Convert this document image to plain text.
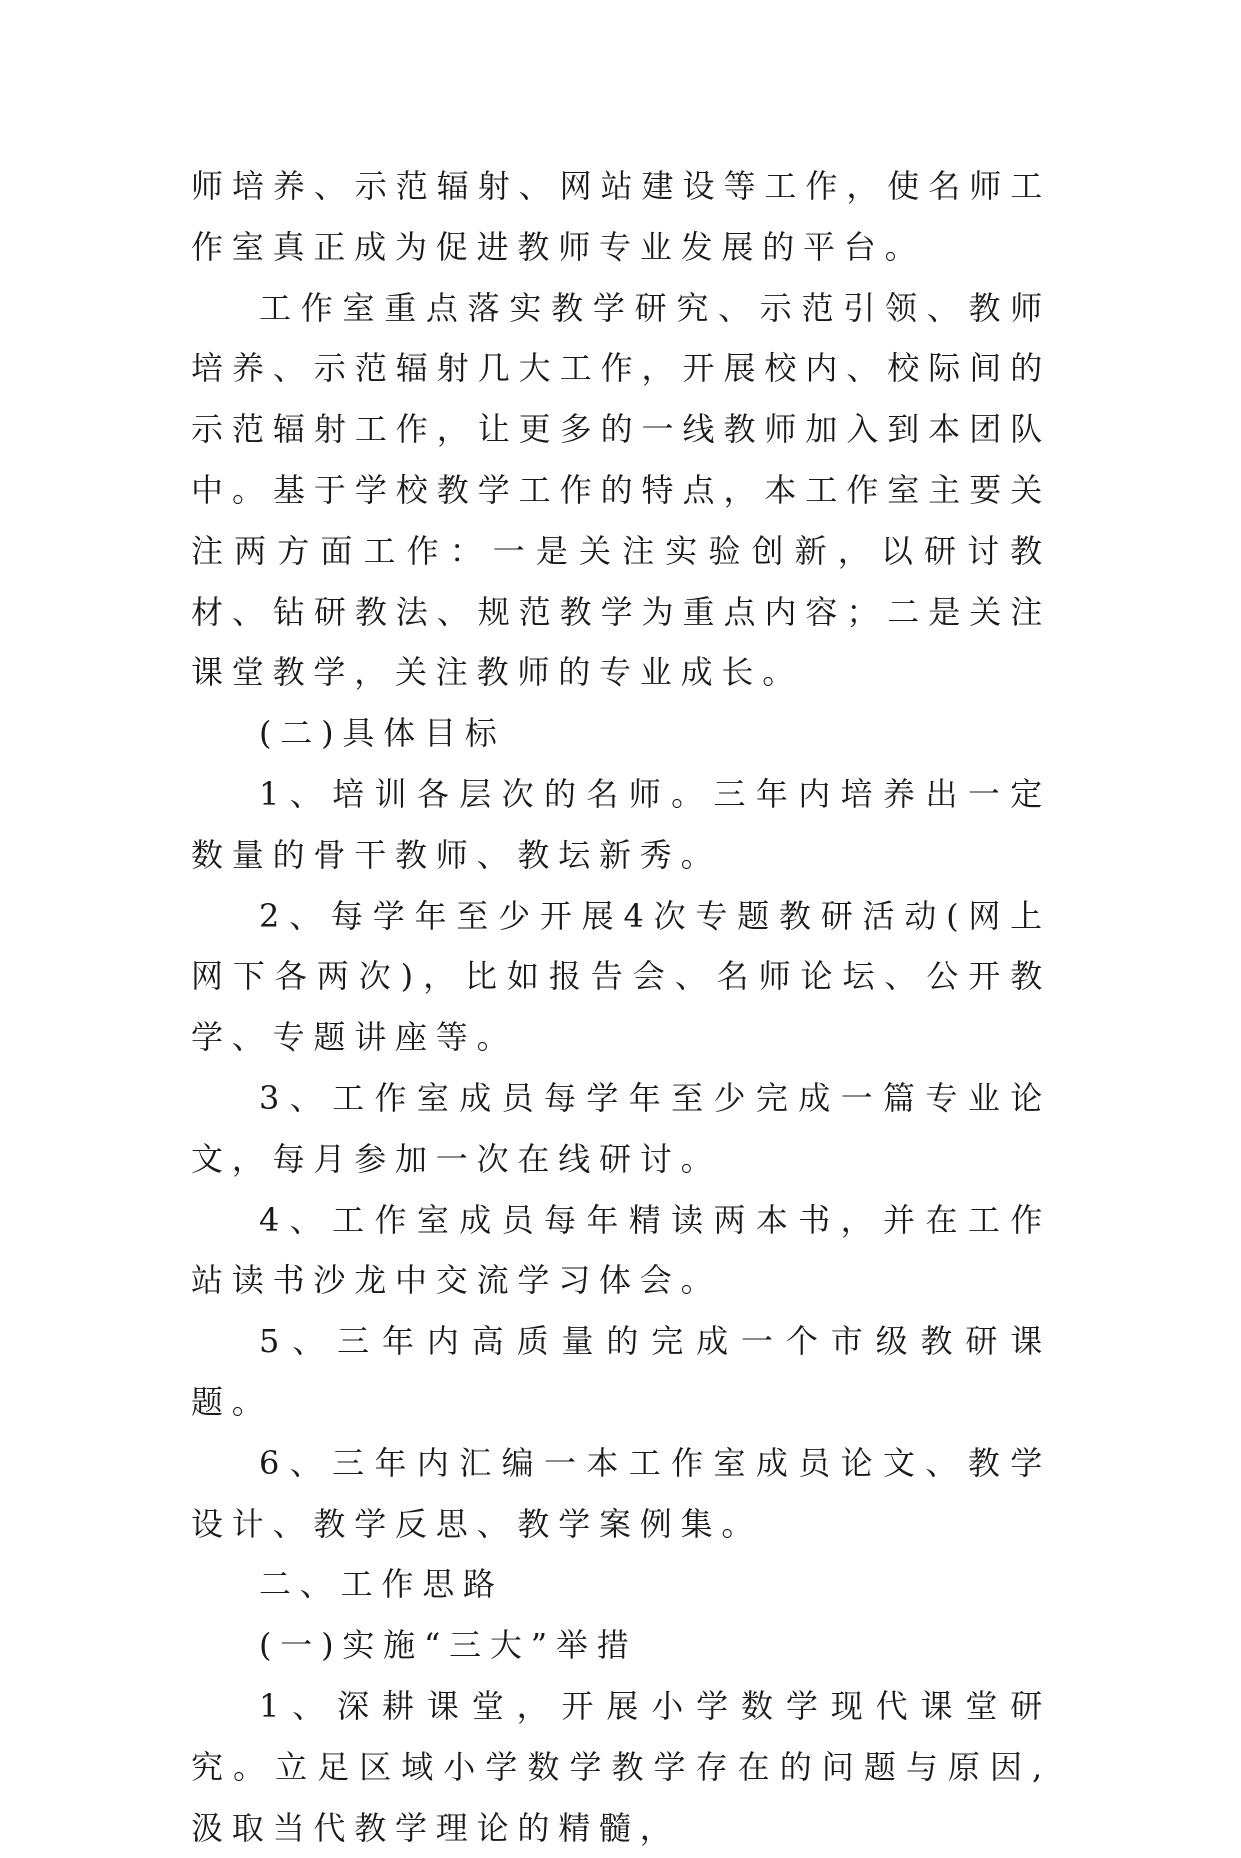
师培养、示范辐射、网站建设等工作，使名师工作室真正成为促进教师专业发展的平台。

工作室重点落实教学研究、示范引领、教师培养、示范辐射几大工作，开展校内、校际间的示范辐射工作，让更多的一线教师加入到本团队中。基于学校教学工作的特点，本工作室主要关注两方面工作：一是关注实验创新，以研讨教材、钻研教法、规范教学为重点内容；二是关注课堂教学，关注教师的专业成长。

(二)具体目标

1、培训各层次的名师。三年内培养出一定数量的骨干教师、教坛新秀。

2、每学年至少开展4次专题教研活动(网上网下各两次)，比如报告会、名师论坛、公开教学、专题讲座等。

3、工作室成员每学年至少完成一篇专业论文，每月参加一次在线研讨。

4、工作室成员每年精读两本书，并在工作站读书沙龙中交流学习体会。

5、三年内高质量的完成一个市级教研课题。

6、三年内汇编一本工作室成员论文、教学设计、教学反思、教学案例集。

二、工作思路

(一)实施“三大”举措

1、深耕课堂，开展小学数学现代课堂研究。立足区域小学数学教学存在的问题与原因,汲取当代教学理论的精髓，
